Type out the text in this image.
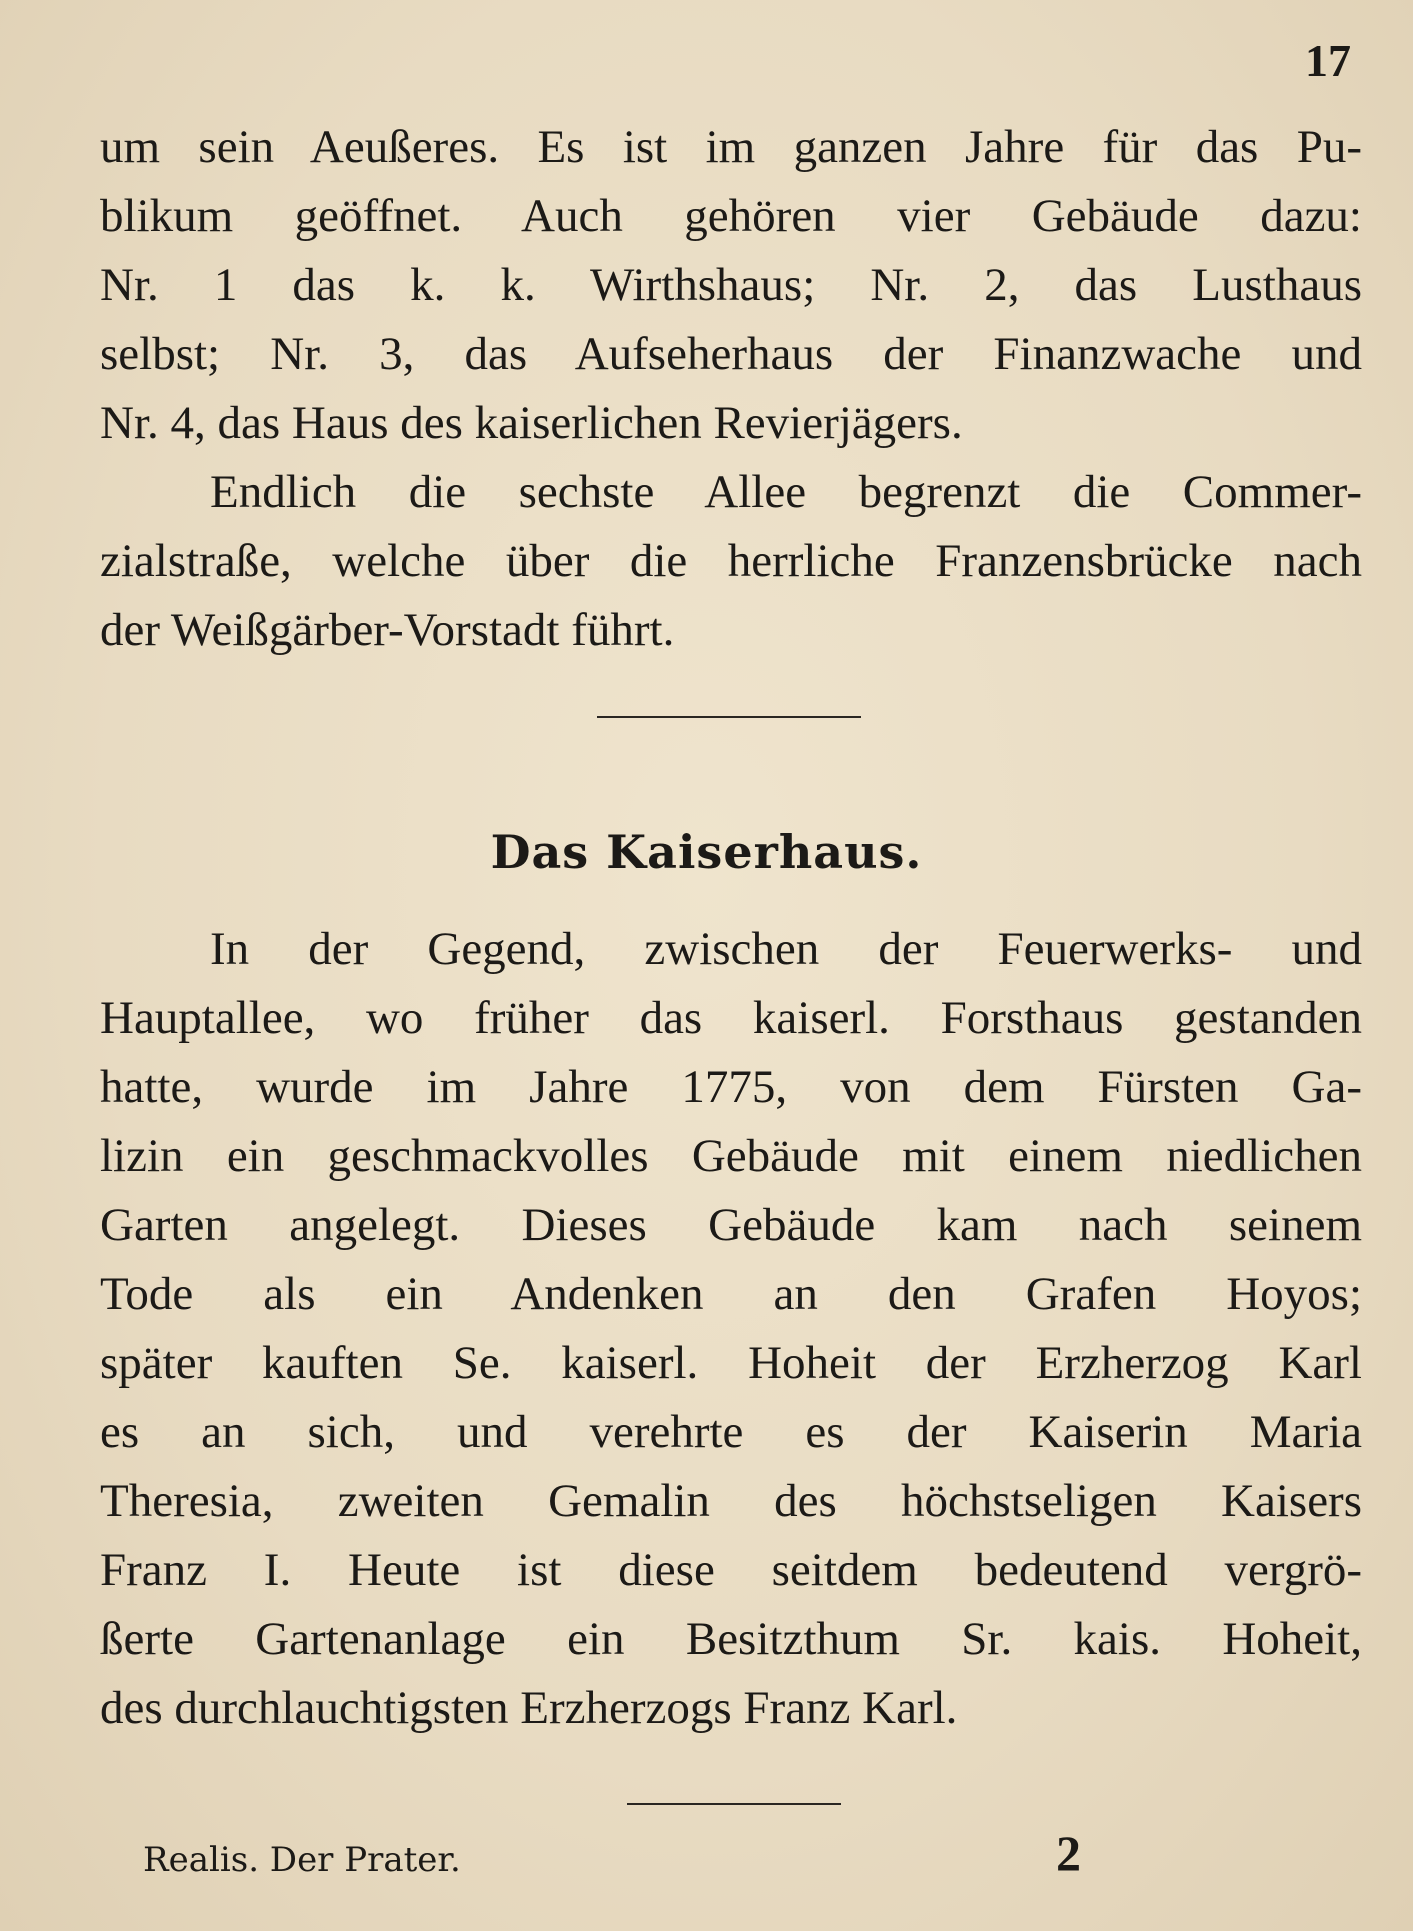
17
um sein Aeußeres. Es ist im ganzen Jahre für das Pu-
blikum geöffnet. Auch gehören vier Gebäude dazu:
Nr. 1 das k. k. Wirthshaus; Nr. 2, das Lusthaus
selbst; Nr. 3, das Aufseherhaus der Finanzwache und
Nr. 4, das Haus des kaiserlichen Revierjägers.
Endlich die sechste Allee begrenzt die Commer-
zialstraße, welche über die herrliche Franzensbrücke nach
der Weißgärber-Vorstadt führt.
Das Kaiserhaus.
In der Gegend, zwischen der Feuerwerks- und
Hauptallee, wo früher das kaiserl. Forsthaus gestanden
hatte, wurde im Jahre 1775, von dem Fürsten Ga-
lizin ein geschmackvolles Gebäude mit einem niedlichen
Garten angelegt. Dieses Gebäude kam nach seinem
Tode als ein Andenken an den Grafen Hoyos;
später kauften Se. kaiserl. Hoheit der Erzherzog Karl
es an sich, und verehrte es der Kaiserin Maria
Theresia, zweiten Gemalin des höchstseligen Kaisers
Franz I. Heute ist diese seitdem bedeutend vergrö-
ßerte Gartenanlage ein Besitzthum Sr. kais. Hoheit,
des durchlauchtigsten Erzherzogs Franz Karl.
Realis. Der Prater.	2
